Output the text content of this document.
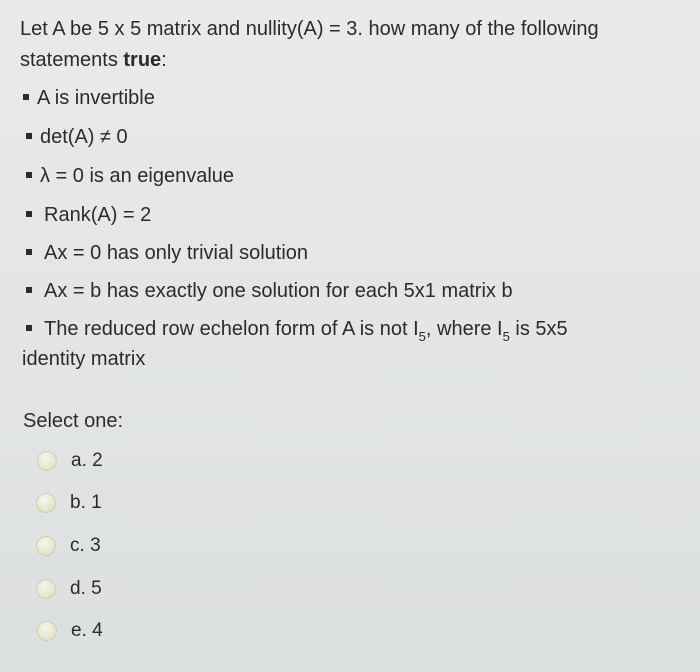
Let A be 5 x 5 matrix and nullity(A) = 3. how many of the following

statements true:

A is invertible
det(A) ≠ 0
λ = 0 is an eigenvalue
Rank(A) = 2
Ax = 0 has only trivial solution
Ax = b has exactly one solution for each 5x1 matrix b
The reduced row echelon form of A is not $I_5$, where $I_5$ is 5x5
identity matrix
Select one:
a.
2
b.
1
c.
3
d.
5
e.
4
